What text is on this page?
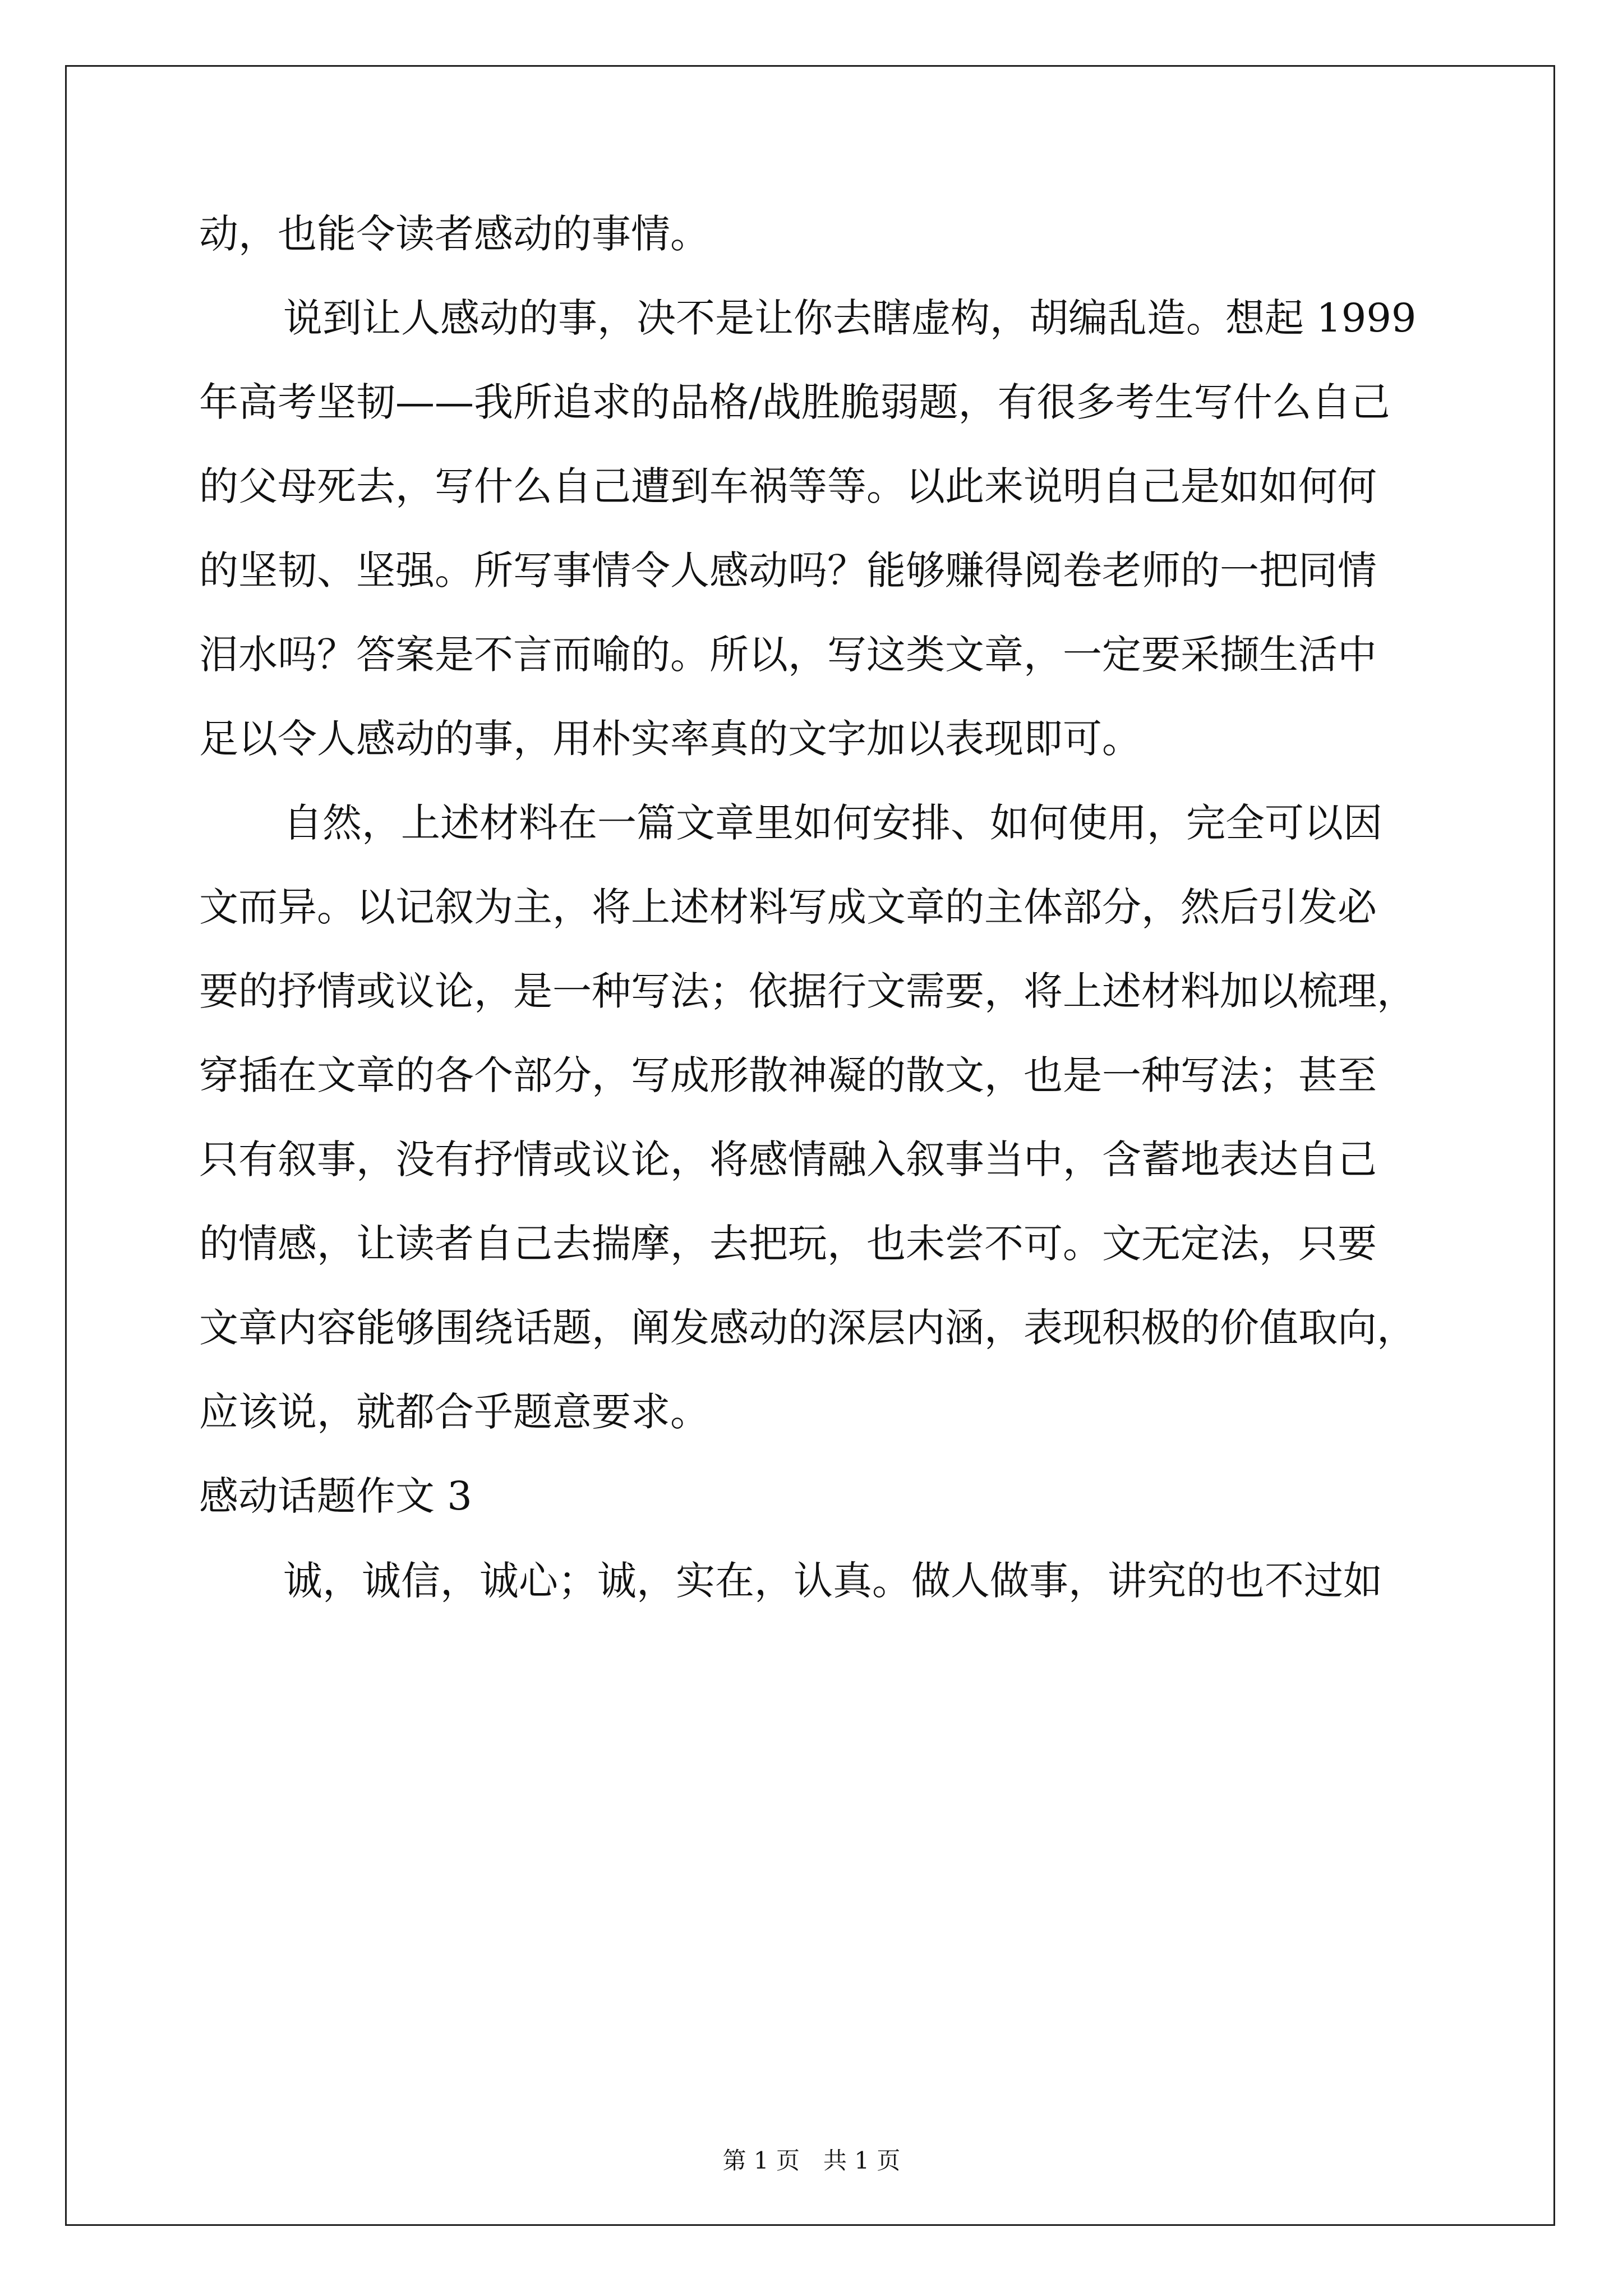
动，也能令读者感动的事情。
说到让人感动的事，决不是让你去瞎虚构，胡编乱造。想起 1999
年高考坚韧——我所追求的品格/战胜脆弱题，有很多考生写什么自己
的父母死去，写什么自己遭到车祸等等。以此来说明自己是如如何何
的坚韧、坚强。所写事情令人感动吗？能够赚得阅卷老师的一把同情
泪水吗？答案是不言而喻的。所以，写这类文章，一定要采撷生活中
足以令人感动的事，用朴实率真的文字加以表现即可。
自然，上述材料在一篇文章里如何安排、如何使用，完全可以因
文而异。以记叙为主，将上述材料写成文章的主体部分，然后引发必
要的抒情或议论，是一种写法；依据行文需要，将上述材料加以梳理，
穿插在文章的各个部分，写成形散神凝的散文，也是一种写法；甚至
只有叙事，没有抒情或议论，将感情融入叙事当中，含蓄地表达自己
的情感，让读者自己去揣摩，去把玩，也未尝不可。文无定法，只要
文章内容能够围绕话题，阐发感动的深层内涵，表现积极的价值取向，
应该说，就都合乎题意要求。
感动话题作文 3
诚，诚信，诚心；诚，实在，认真。做人做事，讲究的也不过如
第 1 页　共 1 页
